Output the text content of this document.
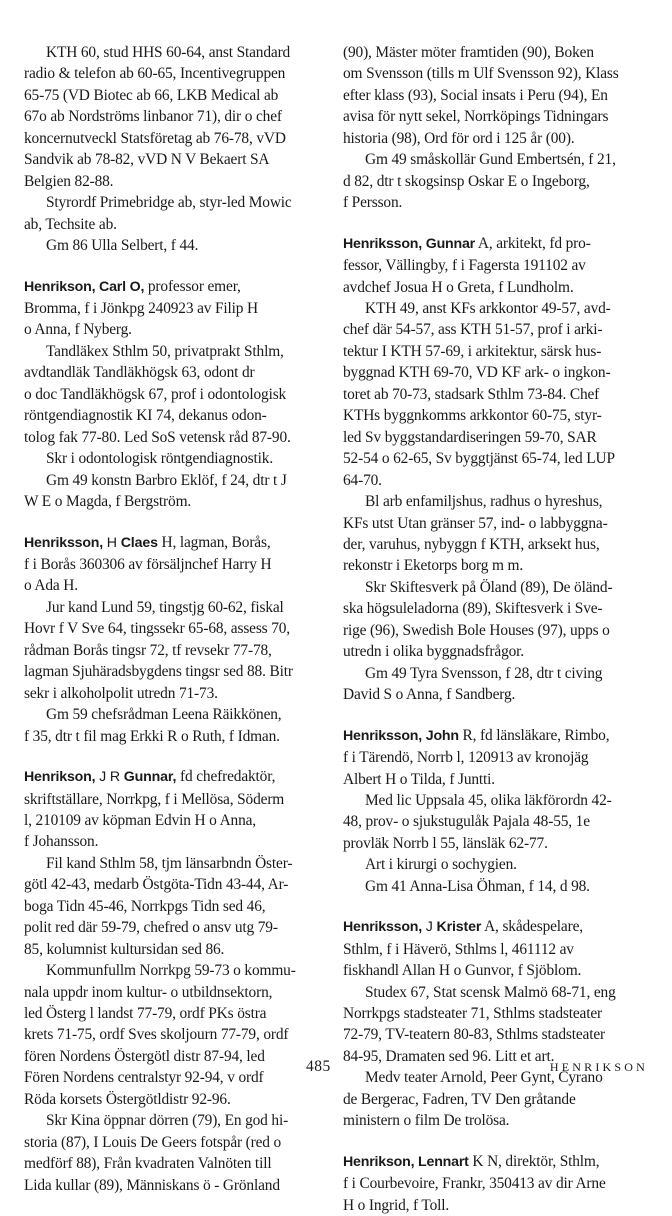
KTH 60, stud HHS 60-64, anst Standard

radio & telefon ab 60-65, Incentivegruppen

65-75 (VD Biotec ab 66, LKB Medical ab

67o ab Nordströms linbanor 71), dir o chef

koncernutveckl Statsföretag ab 76-78, vVD

Sandvik ab 78-82, vVD N V Bekaert SA

Belgien 82-88.

Styrordf Primebridge ab, styr-led Mowic

ab, Techsite ab.

Gm 86 Ulla Selbert, f 44.

Henrikson, Carl O, professor emer,

Bromma, f i Jönkpg 240923 av Filip H

o Anna, f Nyberg.

Tandläkex Sthlm 50, privatprakt Sthlm,

avdtandläk Tandläkhögsk 63, odont dr

o doc Tandläkhögsk 67, prof i odontologisk

röntgendiagnostik KI 74, dekanus odon-

tolog fak 77-80. Led SoS vetensk råd 87-90.

Skr i odontologisk röntgendiagnostik.

Gm 49 konstn Barbro Eklöf, f 24, dtr t J

W E o Magda, f Bergström.

Henriksson, H Claes H, lagman, Borås,

f i Borås 360306 av försäljnchef Harry H

o Ada H.

Jur kand Lund 59, tingstjg 60-62, fiskal

Hovr f V Sve 64, tingssekr 65-68, assess 70,

rådman Borås tingsr 72, tf revsekr 77-78,

lagman Sjuhäradsbygdens tingsr sed 88. Bitr

sekr i alkoholpolit utredn 71-73.

Gm 59 chefsrådman Leena Räikkönen,

f 35, dtr t fil mag Erkki R o Ruth, f Idman.

Henrikson, J R Gunnar, fd chefredaktör,

skriftställare, Norrkpg, f i Mellösa, Söderm

l, 210109 av köpman Edvin H o Anna,

f Johansson.

Fil kand Sthlm 58, tjm länsarbndn Öster-

götl 42-43, medarb Östgöta-Tidn 43-44, Ar-

boga Tidn 45-46, Norrkpgs Tidn sed 46,

polit red där 59-79, chefred o ansv utg 79-

85, kolumnist kultursidan sed 86.

Kommunfullm Norrkpg 59-73 o kommu-

nala uppdr inom kultur- o utbildnsektorn,

led Österg l landst 77-79, ordf PKs östra

krets 71-75, ordf Sves skoljourn 77-79, ordf

fören Nordens Östergötl distr 87-94, led

Fören Nordens centralstyr 92-94, v ordf

Röda korsets Östergötldistr 92-96.

Skr Kina öppnar dörren (79), En god hi-

storia (87), I Louis De Geers fotspår (red o

medförf 88), Från kvadraten Valnöten till

Lida kullar (89), Människans ö - Grönland

(90), Mäster möter framtiden (90), Boken

om Svensson (tills m Ulf Svensson 92), Klass

efter klass (93), Social insats i Peru (94), En

avisa för nytt sekel, Norrköpings Tidningars

historia (98), Ord för ord i 125 år (00).

Gm 49 småskollär Gund Embertsén, f 21,

d 82, dtr t skogsinsp Oskar E o Ingeborg,

f Persson.

Henriksson, Gunnar A, arkitekt, fd pro-

fessor, Vällingby, f i Fagersta 191102 av

avdchef Josua H o Greta, f Lundholm.

KTH 49, anst KFs arkkontor 49-57, avd-

chef där 54-57, ass KTH 51-57, prof i arki-

tektur I KTH 57-69, i arkitektur, särsk hus-

byggnad KTH 69-70, VD KF ark- o ingkon-

toret ab 70-73, stadsark Sthlm 73-84. Chef

KTHs byggnkomms arkkontor 60-75, styr-

led Sv byggstandardiseringen 59-70, SAR

52-54 o 62-65, Sv byggtjänst 65-74, led LUP

64-70.

Bl arb enfamiljshus, radhus o hyreshus,

KFs utst Utan gränser 57, ind- o labbyggna-

der, varuhus, nybyggn f KTH, arksekt hus,

rekonstr i Eketorps borg m m.

Skr Skiftesverk på Öland (89), De öländ-

ska högsuleladorna (89), Skiftesverk i Sve-

rige (96), Swedish Bole Houses (97), upps o

utredn i olika byggnadsfrågor.

Gm 49 Tyra Svensson, f 28, dtr t civing

David S o Anna, f Sandberg.

Henriksson, John R, fd länsläkare, Rimbo,

f i Tärendö, Norrb l, 120913 av kronojäg

Albert H o Tilda, f Juntti.

Med lic Uppsala 45, olika läkförordn 42-

48, prov- o sjukstugulåk Pajala 48-55, 1e

provläk Norrb l 55, länsläk 62-77.

Art i kirurgi o sochygien.

Gm 41 Anna-Lisa Öhman, f 14, d 98.

Henriksson, J Krister A, skådespelare,

Sthlm, f i Häverö, Sthlms l, 461112 av

fiskhandl Allan H o Gunvor, f Sjöblom.

Studex 67, Stat scensk Malmö 68-71, eng

Norrkpgs stadsteater 71, Sthlms stadsteater

72-79, TV-teatern 80-83, Sthlms stadsteater

84-95, Dramaten sed 96. Litt et art.

Medv teater Arnold, Peer Gynt, Cyrano

de Bergerac, Fadren, TV Den gråtande

ministern o film De trolösa.

Henrikson, Lennart K N, direktör, Sthlm,

f i Courbevoire, Frankr, 350413 av dir Arne

H o Ingrid, f Toll.

485	HENRIKSON
